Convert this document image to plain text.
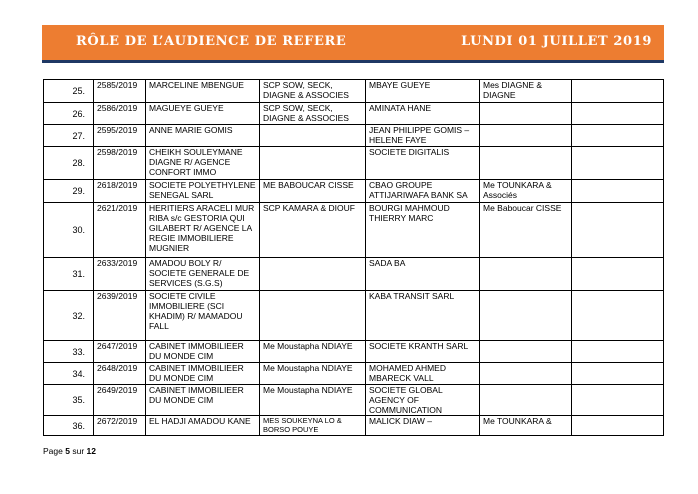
RÔLE DE L’AUDIENCE DE REFERE	LUNDI 01 JUILLET 2019
25.	2585/2019	MARCELINE MBENGUE	SCP SOW, SECK, DIAGNE & ASSOCIES	MBAYE GUEYE	Mes DIAGNE & DIAGNE	
26.	2586/2019	MAGUEYE GUEYE	SCP SOW, SECK, DIAGNE & ASSOCIES	AMINATA HANE		
27.	2595/2019	ANNE MARIE GOMIS		JEAN PHILIPPE GOMIS – HELENE FAYE		
28.	2598/2019	CHEIKH SOULEYMANE DIAGNE R/ AGENCE CONFORT IMMO		SOCIETE DIGITALIS		
29.	2618/2019	SOCIETE POLYETHYLENE SENEGAL SARL	ME BABOUCAR CISSE	CBAO GROUPE ATTIJARIWAFA BANK SA	Me TOUNKARA & Associés	
30.	2621/2019	HERITIERS ARACELI MUR RIBA s/c GESTORIA QUI GILABERT R/ AGENCE LA REGIE IMMOBILIERE MUGNIER	SCP KAMARA & DIOUF	BOURGI MAHMOUD THIERRY MARC	Me Baboucar CISSE	
31.	2633/2019	AMADOU BOLY R/ SOCIETE GENERALE DE SERVICES (S.G.S)		SADA BA		
32.	2639/2019	SOCIETE CIVILE IMMOBILIERE (SCI KHADIM) R/ MAMADOU FALL		KABA TRANSIT SARL		
33.	2647/2019	CABINET IMMOBILIEER DU MONDE CIM	Me Moustapha NDIAYE	SOCIETE KRANTH SARL		
34.	2648/2019	CABINET IMMOBILIEER DU MONDE CIM	Me Moustapha NDIAYE	MOHAMED AHMED MBARECK VALL		
35.	2649/2019	CABINET IMMOBILIEER DU MONDE CIM	Me Moustapha NDIAYE	SOCIETE GLOBAL AGENCY OF COMMUNICATION		
36.	2672/2019	EL HADJI AMADOU KANE	MES SOUKEYNA LO & BORSO POUYE	MALICK DIAW –	Me TOUNKARA &	
Page 5 sur 12
